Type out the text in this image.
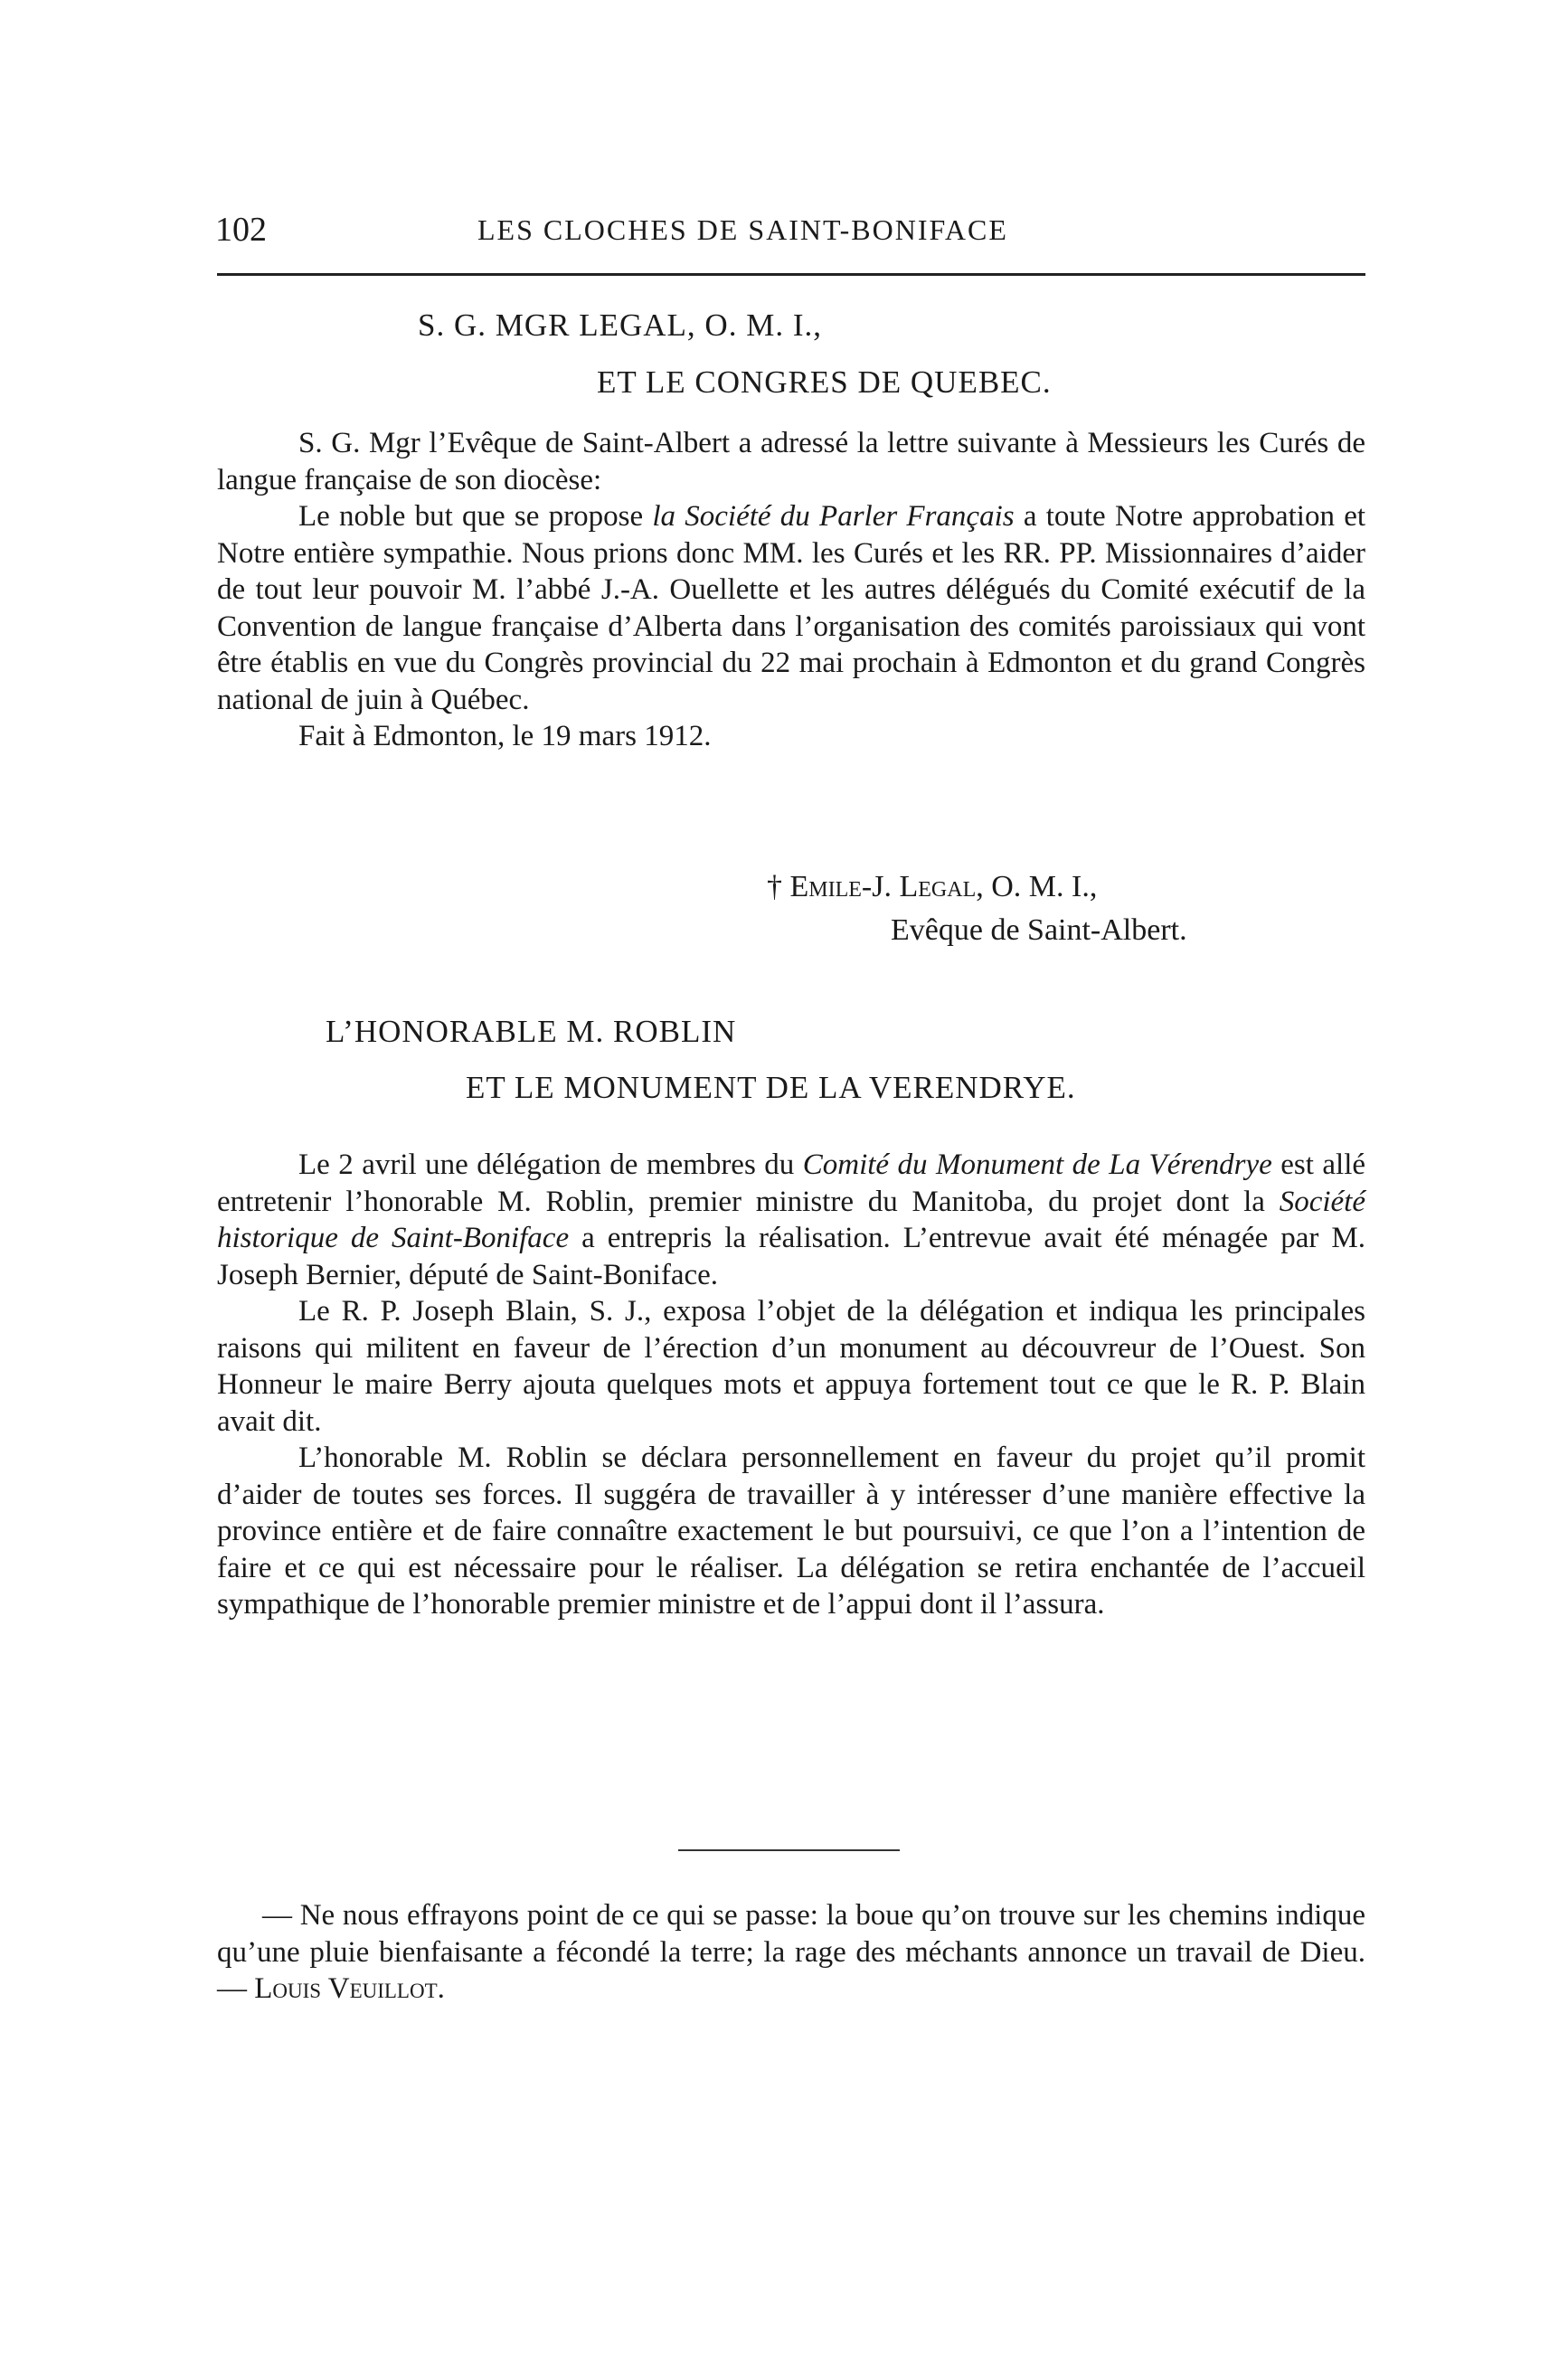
102	LES CLOCHES DE SAINT-BONIFACE
S. G. MGR LEGAL, O. M. I.,
ET LE CONGRES DE QUEBEC.

S. G. Mgr l’Evêque de Saint-Albert a adressé la lettre suivante à Messieurs les Curés de langue française de son diocèse:

Le noble but que se propose la Société du Parler Français a toute Notre approbation et Notre entière sympathie. Nous prions donc MM. les Curés et les RR. PP. Missionnaires d’aider de tout leur pouvoir M. l’abbé J.-A. Ouellette et les autres délégués du Comité exécutif de la Convention de langue française d’Alberta dans l’organisation des comités paroissiaux qui vont être établis en vue du Congrès provincial du 22 mai prochain à Edmonton et du grand Congrès national de juin à Québec.

Fait à Edmonton, le 19 mars 1912.

† Emile-J. Legal, O. M. I.,
Evêque de Saint-Albert.
L’HONORABLE M. ROBLIN
ET LE MONUMENT DE LA VERENDRYE.

Le 2 avril une délégation de membres du Comité du Monument de La Vérendrye est allé entretenir l’honorable M. Roblin, premier ministre du Manitoba, du projet dont la Société historique de Saint-Boniface a entrepris la réalisation. L’entrevue avait été ménagée par M. Joseph Bernier, député de Saint-Boniface.

Le R. P. Joseph Blain, S. J., exposa l’objet de la délégation et indiqua les principales raisons qui militent en faveur de l’érection d’un monument au découvreur de l’Ouest. Son Honneur le maire Berry ajouta quelques mots et appuya fortement tout ce que le R. P. Blain avait dit.

L’honorable M. Roblin se déclara personnellement en faveur du projet qu’il promit d’aider de toutes ses forces. Il suggéra de travailler à y intéresser d’une manière effective la province entière et de faire connaître exactement le but poursuivi, ce que l’on a l’intention de faire et ce qui est nécessaire pour le réaliser. La délégation se retira enchantée de l’accueil sympathique de l’honorable premier ministre et de l’appui dont il l’assura.

— Ne nous effrayons point de ce qui se passe: la boue qu’on trouve sur les chemins indique qu’une pluie bienfaisante a fécondé la terre; la rage des méchants annonce un travail de Dieu. — Louis Veuillot.
